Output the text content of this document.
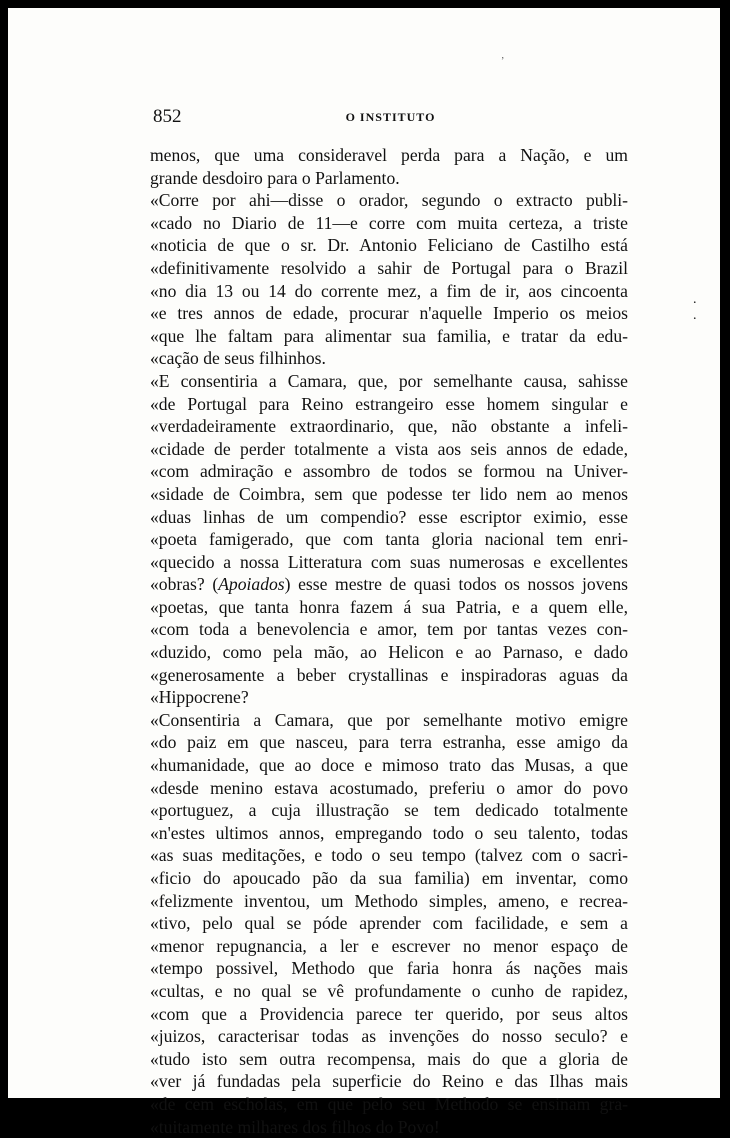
ʼ
852	O INSTITUTO
menos, que uma consideravel perda para a Nação, e um
grande desdoiro para o Parlamento.
«Corre por ahi—disse o orador, segundo o extracto publi-
«cado no Diario de 11—e corre com muita certeza, a triste
«noticia de que o sr. Dr. Antonio Feliciano de Castilho está
«definitivamente resolvido a sahir de Portugal para o Brazil
«no dia 13 ou 14 do corrente mez, a fim de ir, aos cincoenta
«e tres annos de edade, procurar n'aquelle Imperio os meios
«que lhe faltam para alimentar sua familia, e tratar da edu-
«cação de seus filhinhos.
«E consentiria a Camara, que, por semelhante causa, sahisse
«de Portugal para Reino estrangeiro esse homem singular e
«verdadeiramente extraordinario, que, não obstante a infeli-
«cidade de perder totalmente a vista aos seis annos de edade,
«com admiração e assombro de todos se formou na Univer-
«sidade de Coimbra, sem que podesse ter lido nem ao menos
«duas linhas de um compendio? esse escriptor eximio, esse
«poeta famigerado, que com tanta gloria nacional tem enri-
«quecido a nossa Litteratura com suas numerosas e excellentes
«obras? (Apoiados) esse mestre de quasi todos os nossos jovens
«poetas, que tanta honra fazem á sua Patria, e a quem elle,
«com toda a benevolencia e amor, tem por tantas vezes con-
«duzido, como pela mão, ao Helicon e ao Parnaso, e dado
«generosamente a beber crystallinas e inspiradoras aguas da
«Hippocrene?
«Consentiria a Camara, que por semelhante motivo emigre
«do paiz em que nasceu, para terra estranha, esse amigo da
«humanidade, que ao doce e mimoso trato das Musas, a que
«desde menino estava acostumado, preferiu o amor do povo
«portuguez, a cuja illustração se tem dedicado totalmente
«n'estes ultimos annos, empregando todo o seu talento, todas
«as suas meditações, e todo o seu tempo (talvez com o sacri-
«ficio do apoucado pão da sua familia) em inventar, como
«felizmente inventou, um Methodo simples, ameno, e recrea-
«tivo, pelo qual se póde aprender com facilidade, e sem a
«menor repugnancia, a ler e escrever no menor espaço de
«tempo possivel, Methodo que faria honra ás nações mais
«cultas, e no qual se vê profundamente o cunho de rapidez,
«com que a Providencia parece ter querido, por seus altos
«juizos, caracterisar todas as invenções do nosso seculo? e
«tudo isto sem outra recompensa, mais do que a gloria de
«ver já fundadas pela superficie do Reino e das Ilhas mais
«de cem escholas, em que pelo seu Methodo se ensinam gra-
«tuitamente milhares dos filhos do Povo!
. .
